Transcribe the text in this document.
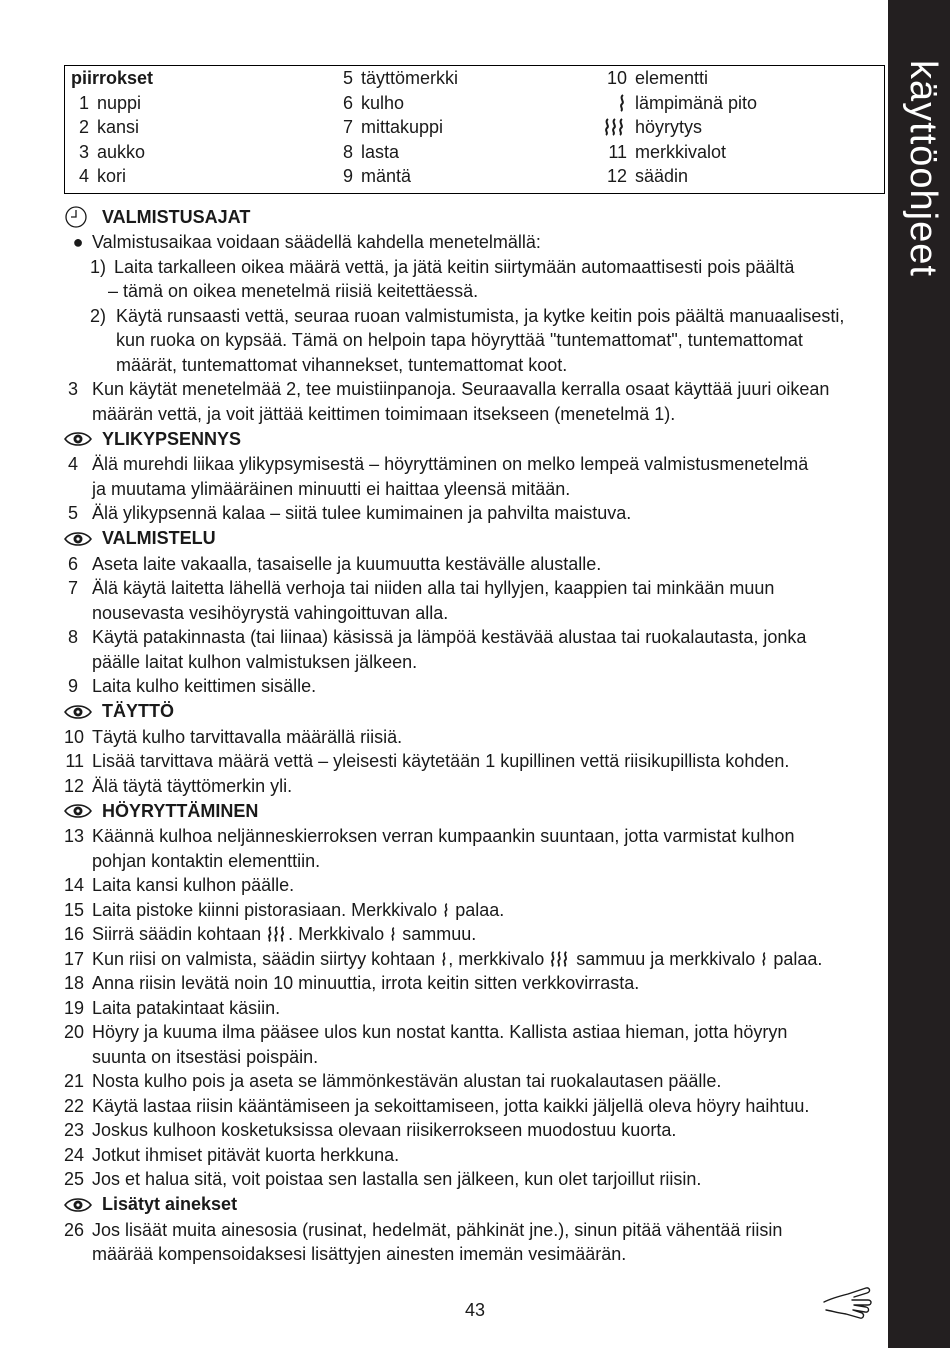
käyttöohjeet
piirrokset
1 nuppi
2 kansi
3 aukko
4 kori
5 täyttömerkki
6 kulho
7 mittakuppi
8 lasta
9 mäntä
10 elementti
lämpimänä pito
höyrytys
11 merkkivalot
12 säädin
VALMISTUSAJAT
● Valmistusaikaa voidaan säädellä kahdella menetelmällä:
1) Laita tarkalleen oikea määrä vettä, ja jätä keitin siirtymään automaattisesti pois päältä
– tämä on oikea menetelmä riisiä keitettäessä.
2) Käytä runsaasti vettä, seuraa ruoan valmistumista, ja kytke keitin pois päältä manuaalisesti,
kun ruoka on kypsää. Tämä on helpoin tapa höyryttää "tuntemattomat", tuntemattomat
määrät, tuntemattomat vihannekset, tuntemattomat koot.
3 Kun käytät menetelmää 2, tee muistiinpanoja. Seuraavalla kerralla osaat käyttää juuri oikean
määrän vettä, ja voit jättää keittimen toimimaan itsekseen (menetelmä 1).
YLIKYPSENNYS
4 Älä murehdi liikaa ylikypsymisestä – höyryttäminen on melko lempeä valmistusmenetelmä
ja muutama ylimääräinen minuutti ei haittaa yleensä mitään.
5 Älä ylikypsennä kalaa – siitä tulee kumimainen ja pahvilta maistuva.
VALMISTELU
6 Aseta laite vakaalla, tasaiselle ja kuumuutta kestävälle alustalle.
7 Älä käytä laitetta lähellä verhoja tai niiden alla tai hyllyjen, kaappien tai minkään muun
nousevasta vesihöyrystä vahingoittuvan alla.
8 Käytä patakinnasta (tai liinaa) käsissä ja lämpöä kestävää alustaa tai ruokalautasta, jonka
päälle laitat kulhon valmistuksen jälkeen.
9 Laita kulho keittimen sisälle.
TÄYTTÖ
10 Täytä kulho tarvittavalla määrällä riisiä.
11 Lisää tarvittava määrä vettä – yleisesti käytetään 1 kupillinen vettä riisikupillista kohden.
12 Älä täytä täyttömerkin yli.
HÖYRYTTÄMINEN
13 Käännä kulhoa neljänneskierroksen verran kumpaankin suuntaan, jotta varmistat kulhon
pohjan kontaktin elementtiin.
14 Laita kansi kulhon päälle.
15 Laita pistoke kiinni pistorasiaan. Merkkivalo palaa.
16 Siirrä säädin kohtaan . Merkkivalo sammuu.
17 Kun riisi on valmista, säädin siirtyy kohtaan , merkkivalo sammuu ja merkkivalo palaa.
18 Anna riisin levätä noin 10 minuuttia, irrota keitin sitten verkkovirrasta.
19 Laita patakintaat käsiin.
20 Höyry ja kuuma ilma pääsee ulos kun nostat kantta. Kallista astiaa hieman, jotta höyryn
suunta on itsestäsi poispäin.
21 Nosta kulho pois ja aseta se lämmönkestävän alustan tai ruokalautasen päälle.
22 Käytä lastaa riisin kääntämiseen ja sekoittamiseen, jotta kaikki jäljellä oleva höyry haihtuu.
23 Joskus kulhoon kosketuksissa olevaan riisikerrokseen muodostuu kuorta.
24 Jotkut ihmiset pitävät kuorta herkkuna.
25 Jos et halua sitä, voit poistaa sen lastalla sen jälkeen, kun olet tarjoillut riisin.
Lisätyt ainekset
26 Jos lisäät muita ainesosia (rusinat, hedelmät, pähkinät jne.), sinun pitää vähentää riisin
määrää kompensoidaksesi lisättyjen ainesten imemän vesimäärän.
43
